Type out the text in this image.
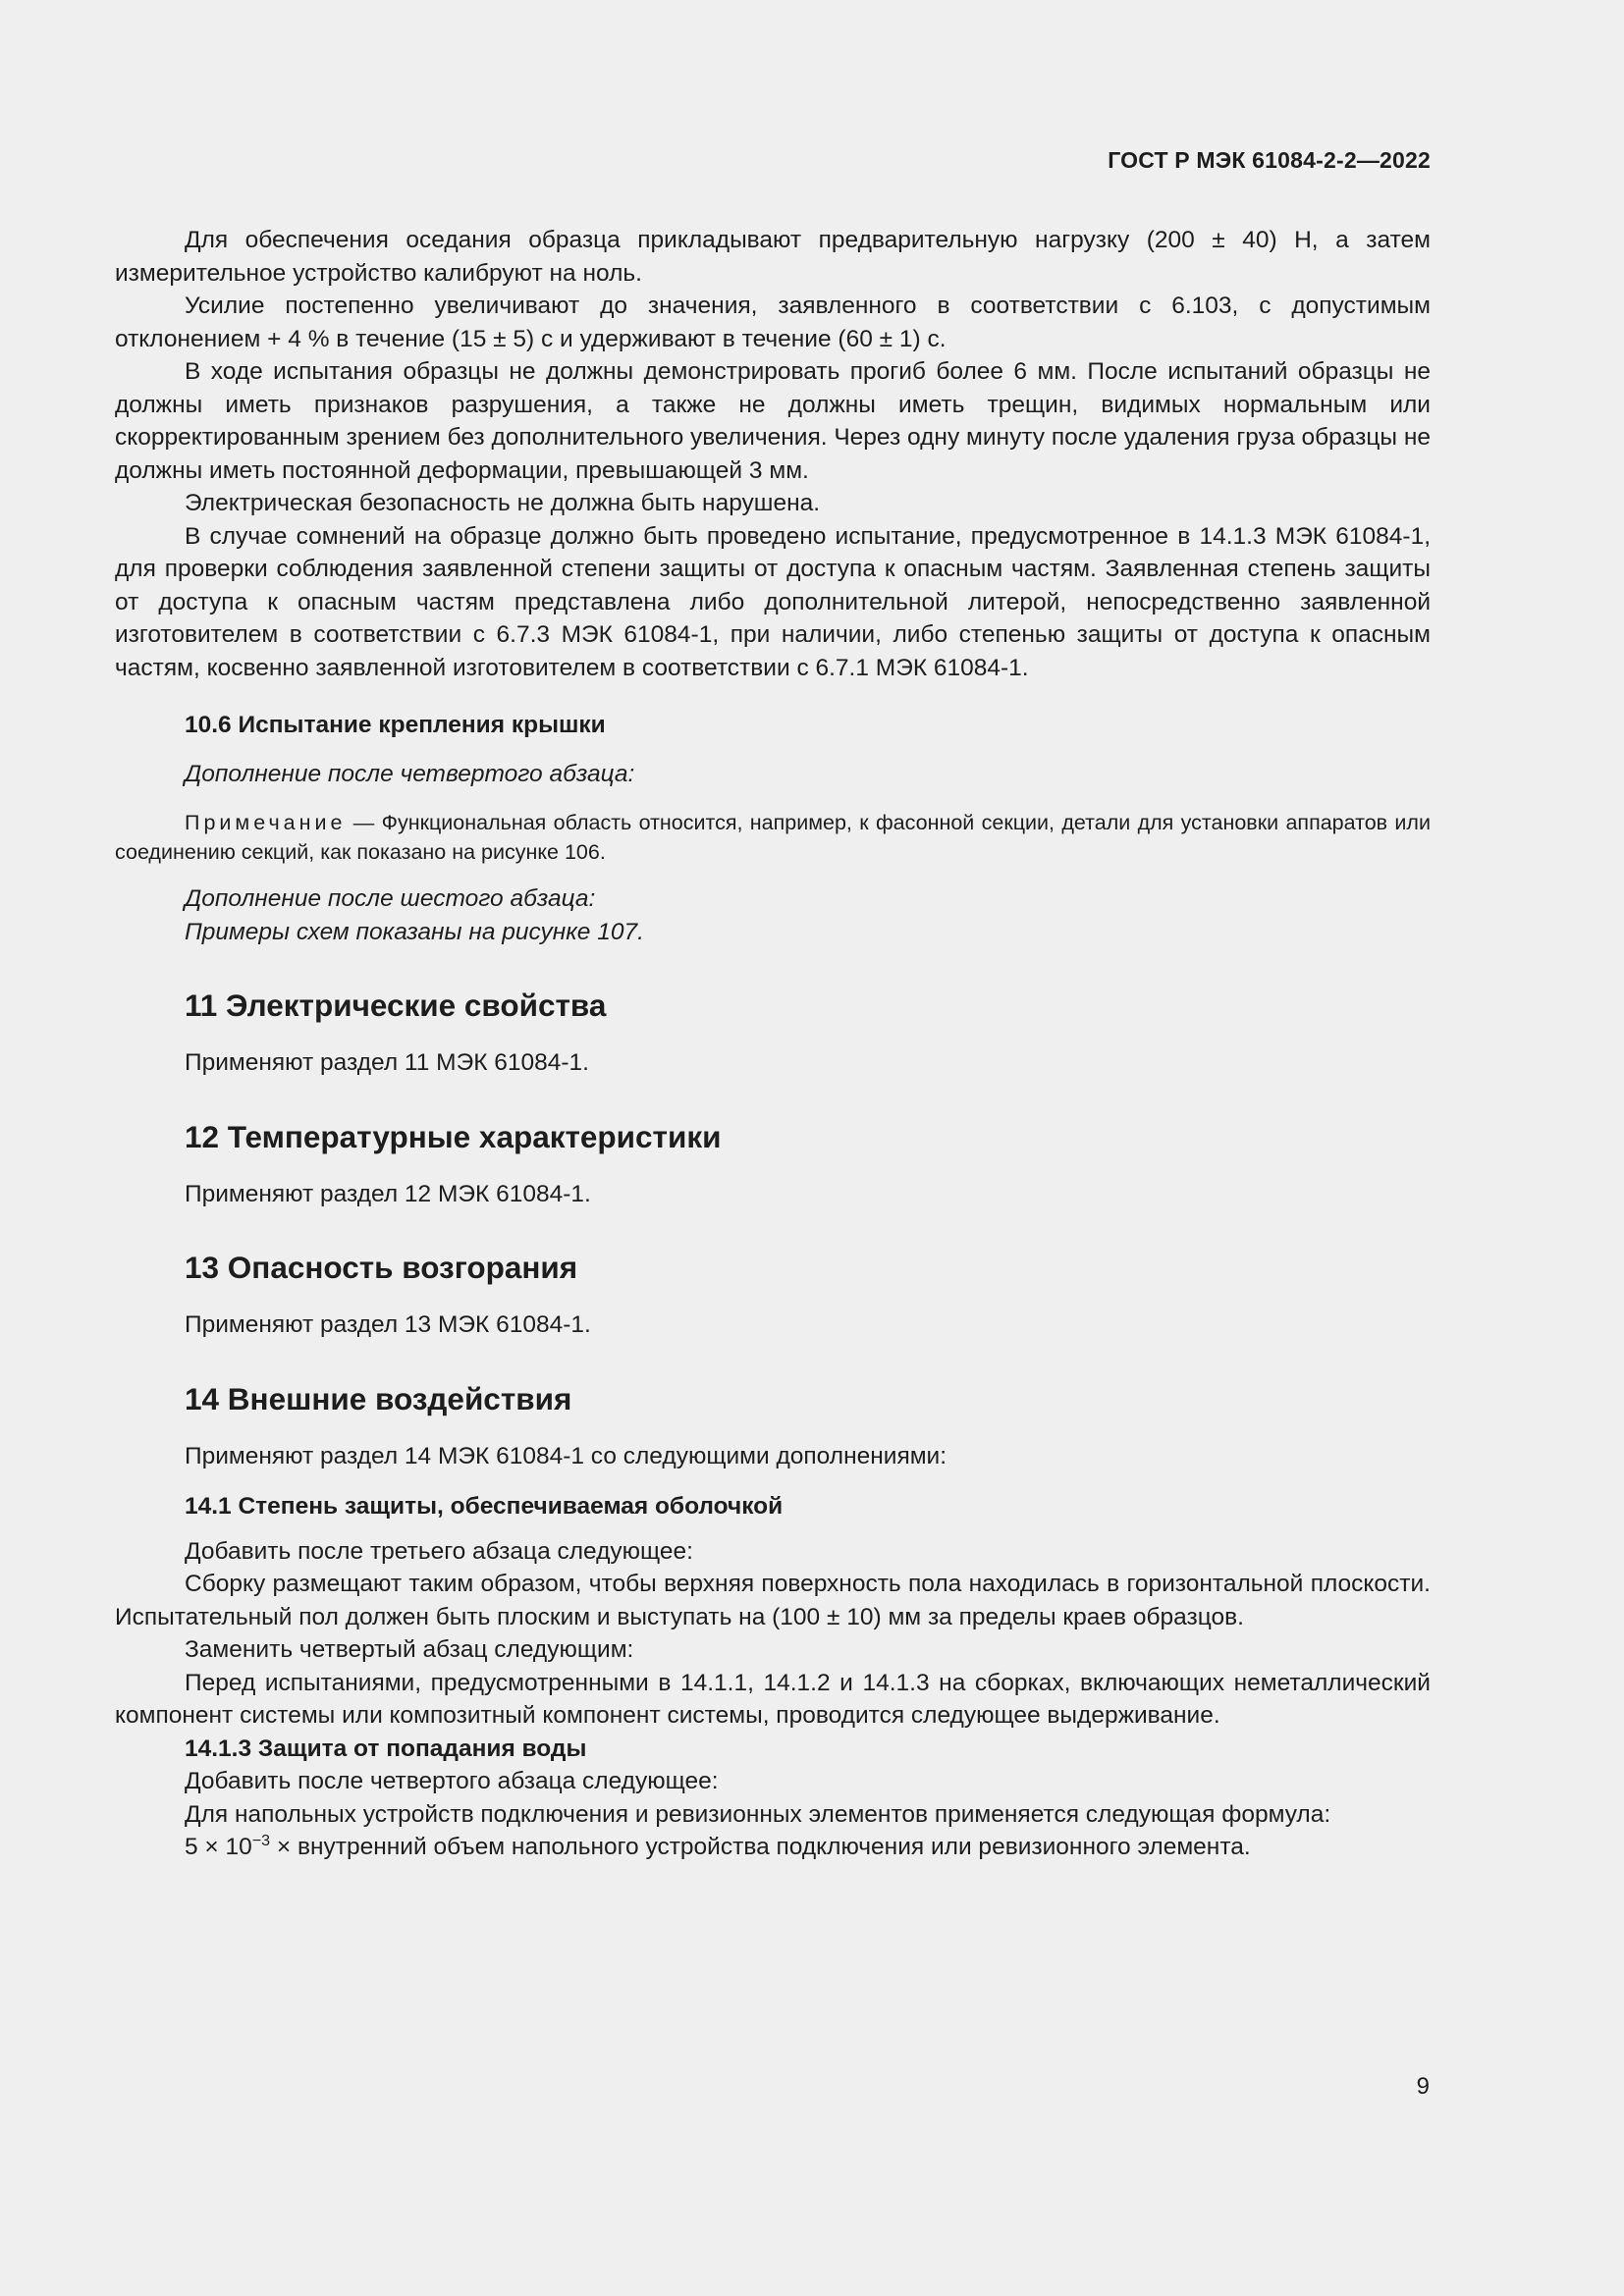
ГОСТ Р МЭК 61084-2-2—2022

Для обеспечения оседания образца прикладывают предварительную нагрузку (200 ± 40) Н, а затем измерительное устройство калибруют на ноль.

Усилие постепенно увеличивают до значения, заявленного в соответствии с 6.103, с допустимым отклонением + 4 % в течение (15 ± 5) с и удерживают в течение (60 ± 1) с.

В ходе испытания образцы не должны демонстрировать прогиб более 6 мм. После испытаний образцы не должны иметь признаков разрушения, а также не должны иметь трещин, видимых нормальным или скорректированным зрением без дополнительного увеличения. Через одну минуту после удаления груза образцы не должны иметь постоянной деформации, превышающей 3 мм.

Электрическая безопасность не должна быть нарушена.

В случае сомнений на образце должно быть проведено испытание, предусмотренное в 14.1.3 МЭК 61084-1, для проверки соблюдения заявленной степени защиты от доступа к опасным частям. Заявленная степень защиты от доступа к опасным частям представлена либо дополнительной литерой, непосредственно заявленной изготовителем в соответствии с 6.7.3 МЭК 61084-1, при наличии, либо степенью защиты от доступа к опасным частям, косвенно заявленной изготовителем в соответствии с 6.7.1 МЭК 61084-1.

10.6 Испытание крепления крышки

Дополнение после четвертого абзаца:

Примечание — Функциональная область относится, например, к фасонной секции, детали для установки аппаратов или соединению секций, как показано на рисунке 106.

Дополнение после шестого абзаца:

Примеры схем показаны на рисунке 107.

11 Электрические свойства

Применяют раздел 11 МЭК 61084-1.

12 Температурные характеристики

Применяют раздел 12 МЭК 61084-1.

13 Опасность возгорания

Применяют раздел 13 МЭК 61084-1.

14 Внешние воздействия

Применяют раздел 14 МЭК 61084-1 со следующими дополнениями:

14.1 Степень защиты, обеспечиваемая оболочкой

Добавить после третьего абзаца следующее:

Сборку размещают таким образом, чтобы верхняя поверхность пола находилась в горизонтальной плоскости. Испытательный пол должен быть плоским и выступать на (100 ± 10) мм за пределы краев образцов.

Заменить четвертый абзац следующим:

Перед испытаниями, предусмотренными в 14.1.1, 14.1.2 и 14.1.3 на сборках, включающих неметаллический компонент системы или композитный компонент системы, проводится следующее выдерживание.

14.1.3 Защита от попадания воды

Добавить после четвертого абзаца следующее:

Для напольных устройств подключения и ревизионных элементов применяется следующая формула:

$5 \times 10^{-3}$ × внутренний объем напольного устройства подключения или ревизионного элемента.

9
